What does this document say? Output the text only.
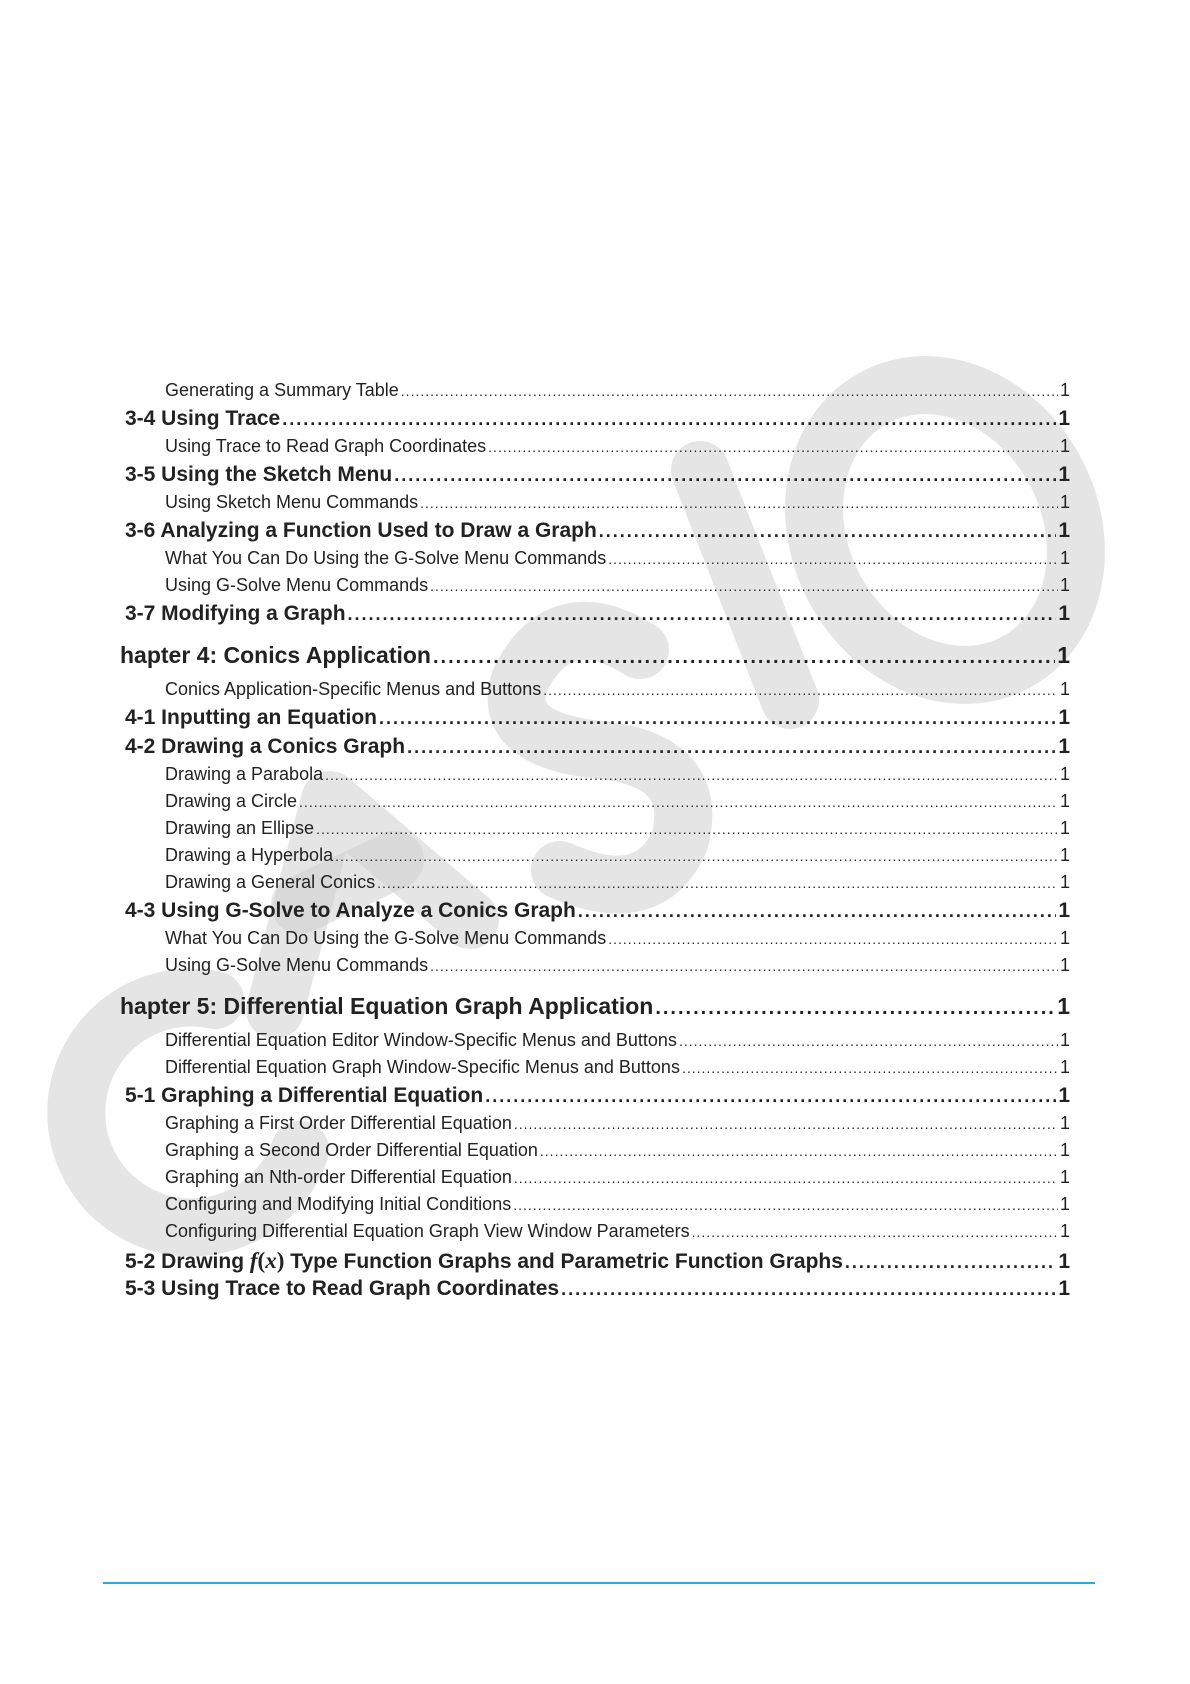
Generating a Summary Table .....	1
3-4 Using Trace .....	1
Using Trace to Read Graph Coordinates .....	1
3-5 Using the Sketch Menu .....	1
Using Sketch Menu Commands .....	1
3-6 Analyzing a Function Used to Draw a Graph .....	1
What You Can Do Using the G-Solve Menu Commands .....	1
Using G-Solve Menu Commands .....	1
3-7 Modifying a Graph .....	1
hapter 4: Conics Application .....	1
Conics Application-Specific Menus and Buttons .....	1
4-1 Inputting an Equation .....	1
4-2 Drawing a Conics Graph .....	1
Drawing a Parabola .....	1
Drawing a Circle .....	1
Drawing an Ellipse .....	1
Drawing a Hyperbola .....	1
Drawing a General Conics .....	1
4-3 Using G-Solve to Analyze a Conics Graph .....	1
What You Can Do Using the G-Solve Menu Commands .....	1
Using G-Solve Menu Commands .....	1
hapter 5: Differential Equation Graph Application .....	1
Differential Equation Editor Window-Specific Menus and Buttons .....	1
Differential Equation Graph Window-Specific Menus and Buttons .....	1
5-1 Graphing a Differential Equation .....	1
Graphing a First Order Differential Equation .....	1
Graphing a Second Order Differential Equation .....	1
Graphing an Nth-order Differential Equation .....	1
Configuring and Modifying Initial Conditions .....	1
Configuring Differential Equation Graph View Window Parameters .....	1
5-2 Drawing f(x) Type Function Graphs and Parametric Function Graphs .....	1
5-3 Using Trace to Read Graph Coordinates .....	1
